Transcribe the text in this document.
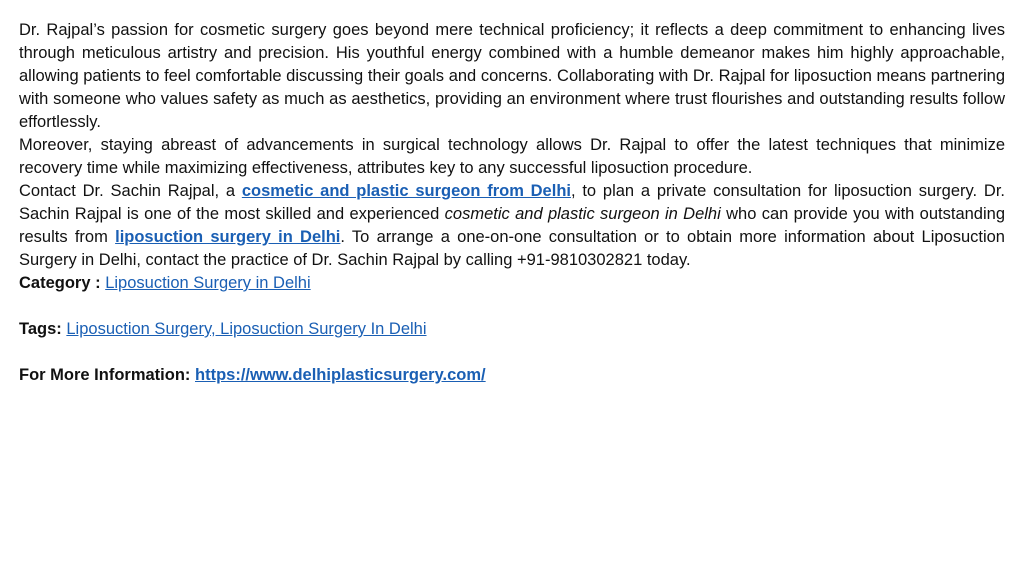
Dr. Rajpal’s passion for cosmetic surgery goes beyond mere technical proficiency; it reflects a deep commitment to enhancing lives through meticulous artistry and precision. His youthful energy combined with a humble demeanor makes him highly approachable, allowing patients to feel comfortable discussing their goals and concerns. Collaborating with Dr. Rajpal for liposuction means partnering with someone who values safety as much as aesthetics, providing an environment where trust flourishes and outstanding results follow effortlessly.

Moreover, staying abreast of advancements in surgical technology allows Dr. Rajpal to offer the latest techniques that minimize recovery time while maximizing effectiveness, attributes key to any successful liposuction procedure.

Contact Dr. Sachin Rajpal, a cosmetic and plastic surgeon from Delhi, to plan a private consultation for liposuction surgery. Dr. Sachin Rajpal is one of the most skilled and experienced cosmetic and plastic surgeon in Delhi who can provide you with outstanding results from liposuction surgery in Delhi. To arrange a one-on-one consultation or to obtain more information about Liposuction Surgery in Delhi, contact the practice of Dr. Sachin Rajpal by calling +91-9810302821 today.

Category : Liposuction Surgery in Delhi

Tags: Liposuction Surgery, Liposuction Surgery In Delhi

For More Information: https://www.delhiplasticsurgery.com/
